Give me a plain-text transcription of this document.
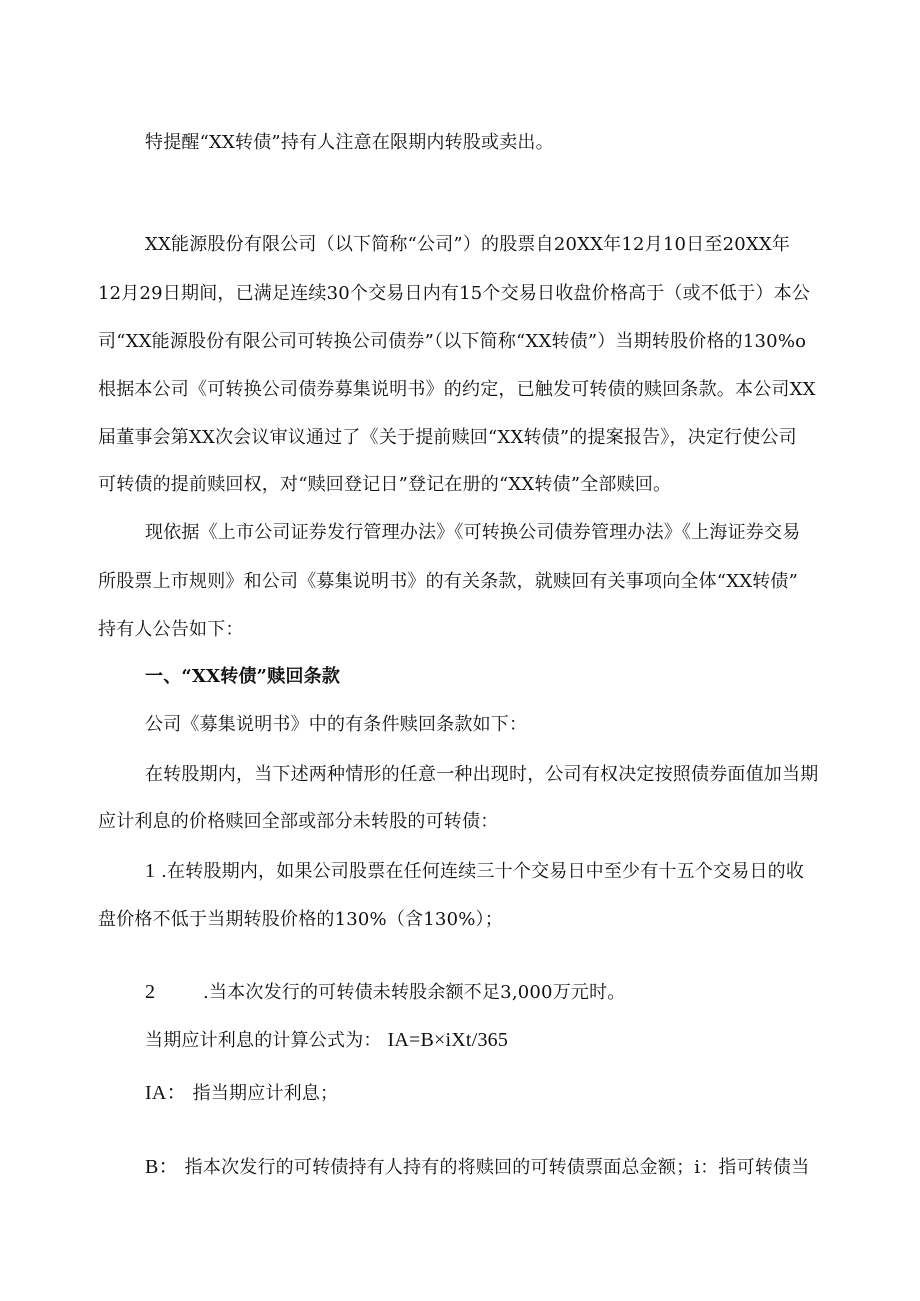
特提醒“XX转债”持有人注意在限期内转股或卖出。
XX能源股份有限公司（以下简称“公司”）的股票自20XX年12月10日至20XX年
12月29日期间，已满足连续30个交易日内有15个交易日收盘价格高于（或不低于）本公
司“XX能源股份有限公司可转换公司债券”（以下简称“XX转债”）当期转股价格的130%o
根据本公司《可转换公司债券募集说明书》的约定，已触发可转债的赎回条款。本公司XX
届董事会第XX次会议审议通过了《关于提前赎回“XX转债”的提案报告》，决定行使公司
可转债的提前赎回权，对“赎回登记日”登记在册的“XX转债”全部赎回。
现依据《上市公司证券发行管理办法》《可转换公司债券管理办法》《上海证券交易
所股票上市规则》和公司《募集说明书》的有关条款，就赎回有关事项向全体“XX转债”
持有人公告如下：
一、“XX转债”赎回条款
公司《募集说明书》中的有条件赎回条款如下：
在转股期内，当下述两种情形的任意一种出现时，公司有权决定按照债券面值加当期
应计利息的价格赎回全部或部分未转股的可转债：
1 .在转股期内，如果公司股票在任何连续三十个交易日中至少有十五个交易日的收
盘价格不低于当期转股价格的130%（含130%）；
2	.当本次发行的可转债未转股余额不足3,000万元时。
当期应计利息的计算公式为： IA=B×iXt/365
IA： 指当期应计利息；
B： 指本次发行的可转债持有人持有的将赎回的可转债票面总金额；i：指可转债当
